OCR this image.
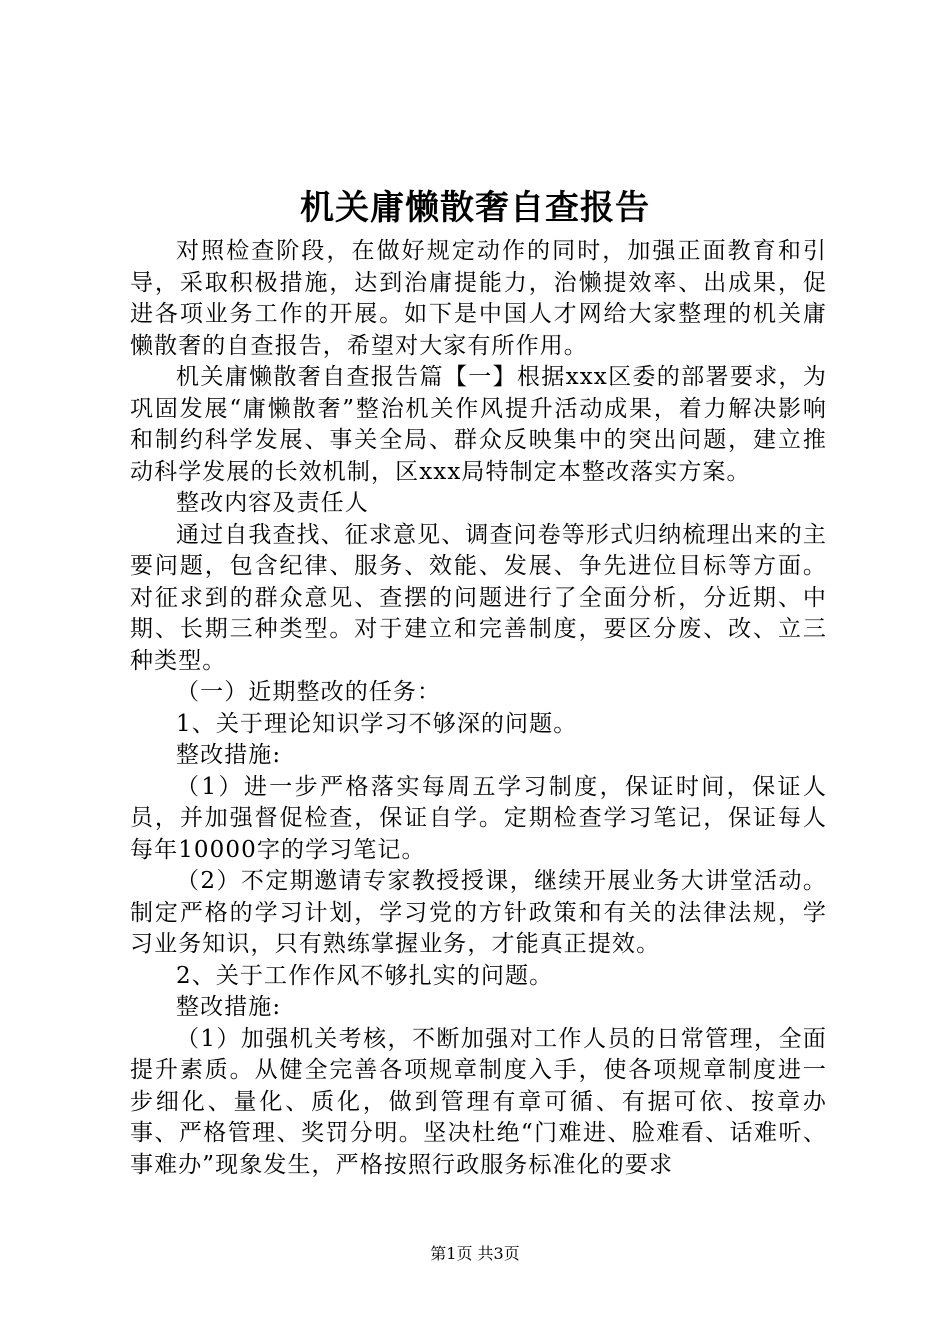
机关庸懒散奢自查报告

对照检查阶段，在做好规定动作的同时，加强正面教育和引导，采取积极措施，达到治庸提能力，治懒提效率、出成果，促进各项业务工作的开展。如下是中国人才网给大家整理的机关庸懒散奢的自查报告，希望对大家有所作用。

机关庸懒散奢自查报告篇【一】根据xxx区委的部署要求，为巩固发展“庸懒散奢”整治机关作风提升活动成果，着力解决影响和制约科学发展、事关全局、群众反映集中的突出问题，建立推动科学发展的长效机制，区xxx局特制定本整改落实方案。

整改内容及责任人

通过自我查找、征求意见、调查问卷等形式归纳梳理出来的主要问题，包含纪律、服务、效能、发展、争先进位目标等方面。对征求到的群众意见、查摆的问题进行了全面分析，分近期、中期、长期三种类型。对于建立和完善制度，要区分废、改、立三种类型。

（一）近期整改的任务：

1、关于理论知识学习不够深的问题。

整改措施:

（1）进一步严格落实每周五学习制度，保证时间，保证人员，并加强督促检查，保证自学。定期检查学习笔记，保证每人每年10000字的学习笔记。

（2）不定期邀请专家教授授课，继续开展业务大讲堂活动。制定严格的学习计划，学习党的方针政策和有关的法律法规，学习业务知识，只有熟练掌握业务，才能真正提效。

2、关于工作作风不够扎实的问题。

整改措施:

（1）加强机关考核，不断加强对工作人员的日常管理，全面提升素质。从健全完善各项规章制度入手，使各项规章制度进一步细化、量化、质化，做到管理有章可循、有据可依、按章办事、严格管理、奖罚分明。坚决杜绝“门难进、脸难看、话难听、事难办”现象发生，严格按照行政服务标准化的要求

第1页 共3页
